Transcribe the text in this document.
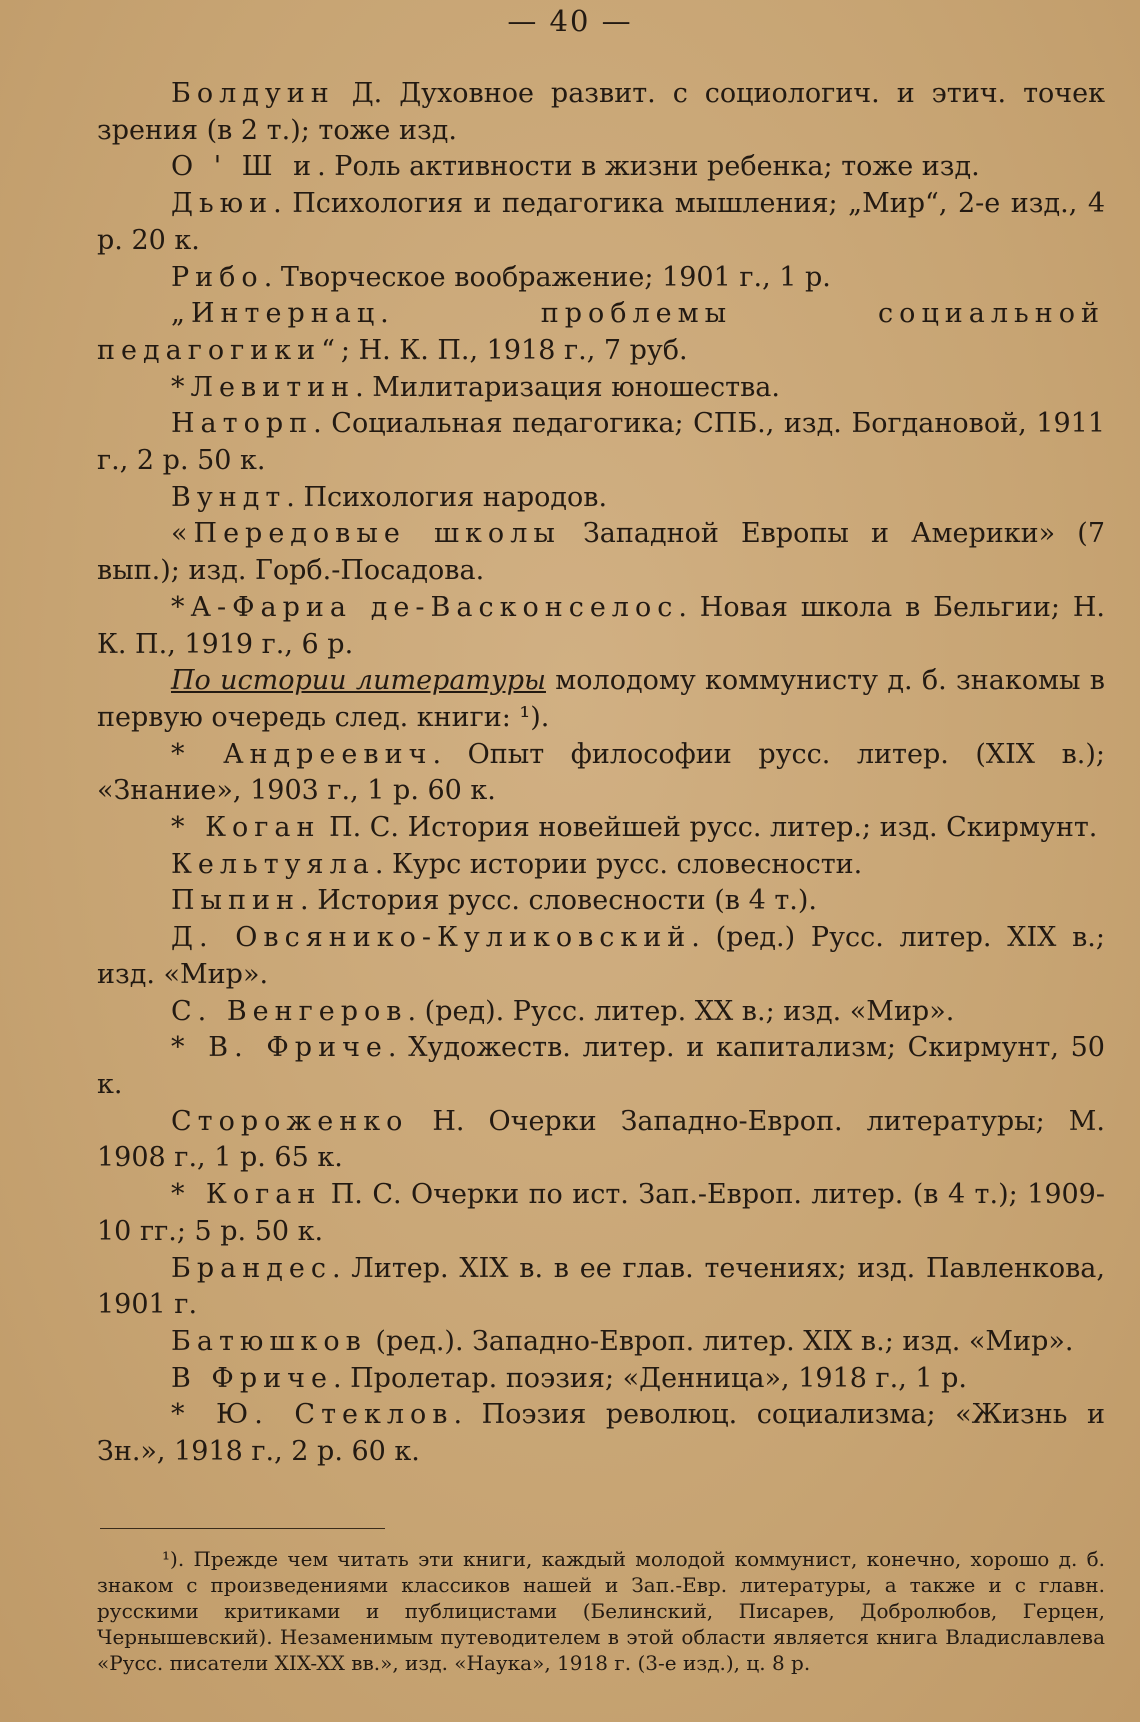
— 40 —

Болдуин Д. Духовное развит. с социологич. и этич. точек зрения (в 2 т.); тоже изд.

О ' Ш и. Роль активности в жизни ребенка; тоже изд.

Дьюи. Психология и педагогика мышления; „Мир“, 2-е изд., 4 р. 20 к.

Рибо. Творческое воображение; 1901 г., 1 р.

„Интернац. проблемы социальной педагогики“; Н. К. П., 1918 г., 7 руб.

*Левитин. Милитаризация юношества.

Наторп. Социальная педагогика; СПБ., изд. Богдановой, 1911 г., 2 р. 50 к.

Вундт. Психология народов.

«Передовые школы Западной Европы и Америки» (7 вып.); изд. Горб.-Посадова.

*А-Фариа де-Васконселос. Новая школа в Бельгии; Н. К. П., 1919 г., 6 р.

По истории литературы молодому коммунисту д. б. знакомы в первую очередь след. книги: ¹).

* Андреевич. Опыт философии русс. литер. (XIX в.); «Знание», 1903 г., 1 р. 60 к.

* Коган П. С. История новейшей русс. литер.; изд. Скирмунт.

Кельтуяла. Курс истории русс. словесности.

Пыпин. История русс. словесности (в 4 т.).

Д. Овсянико-Куликовский. (ред.) Русс. литер. XIX в.; изд. «Мир».

С. Венгеров. (ред). Русс. литер. XX в.; изд. «Мир».

* В. Фриче. Художеств. литер. и капитализм; Скирмунт, 50 к.

Стороженко Н. Очерки Западно-Европ. литературы; М. 1908 г., 1 р. 65 к.

* Коган П. С. Очерки по ист. Зап.-Европ. литер. (в 4 т.); 1909-10 гг.; 5 р. 50 к.

Брандес. Литер. XIX в. в ее глав. течениях; изд. Павленкова, 1901 г.

Батюшков (ред.). Западно-Европ. литер. XIX в.; изд. «Мир».

В Фриче. Пролетар. поэзия; «Денница», 1918 г., 1 р.

* Ю. Стеклов. Поэзия революц. социализма; «Жизнь и Зн.», 1918 г., 2 р. 60 к.

¹). Прежде чем читать эти книги, каждый молодой коммунист, конечно, хорошо д. б. знаком с произведениями классиков нашей и Зап.-Евр. литературы, а также и с главн. русскими критиками и публицистами (Белинский, Писарев, Добролюбов, Герцен, Чернышевский). Незаменимым путеводителем в этой области является книга Владиславлева «Русс. писатели XIX-XX вв.», изд. «Наука», 1918 г. (3-е изд.), ц. 8 р.
